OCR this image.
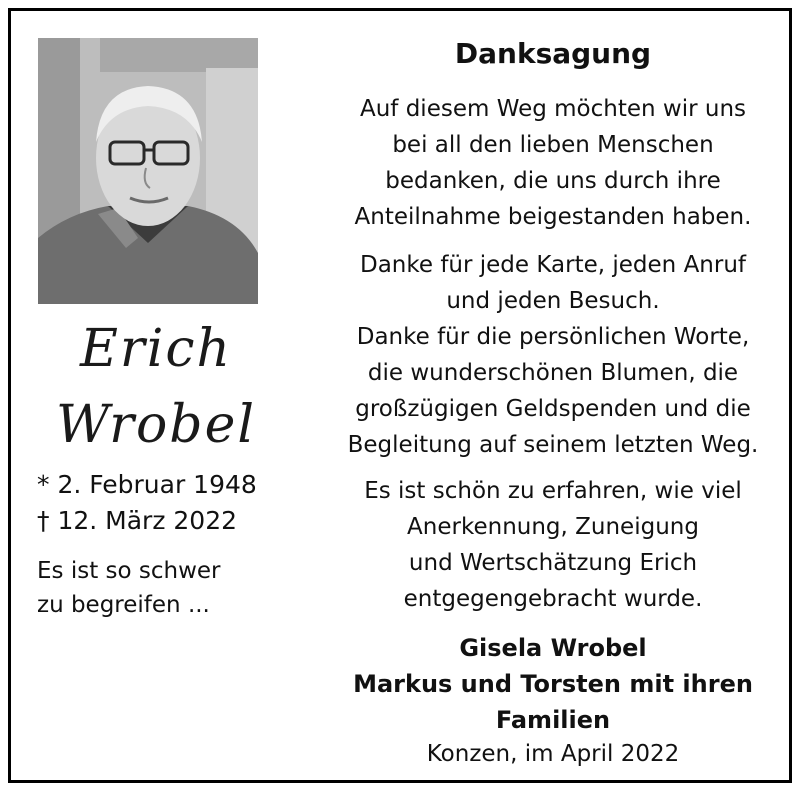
Erich
Wrobel
* 2. Februar 1948
† 12. März 2022
Es ist so schwer
zu begreifen ...
Danksagung
Auf diesem Weg möchten wir uns
bei all den lieben Menschen
bedanken, die uns durch ihre
Anteilnahme beigestanden haben.
Danke für jede Karte, jeden Anruf
und jeden Besuch.
Danke für die persönlichen Worte,
die wunderschönen Blumen, die
großzügigen Geldspenden und die
Begleitung auf seinem letzten Weg.
Es ist schön zu erfahren, wie viel
Anerkennung, Zuneigung
und Wertschätzung Erich
entgegengebracht wurde.
Gisela Wrobel
Markus und Torsten mit ihren
Familien
Konzen, im April 2022
